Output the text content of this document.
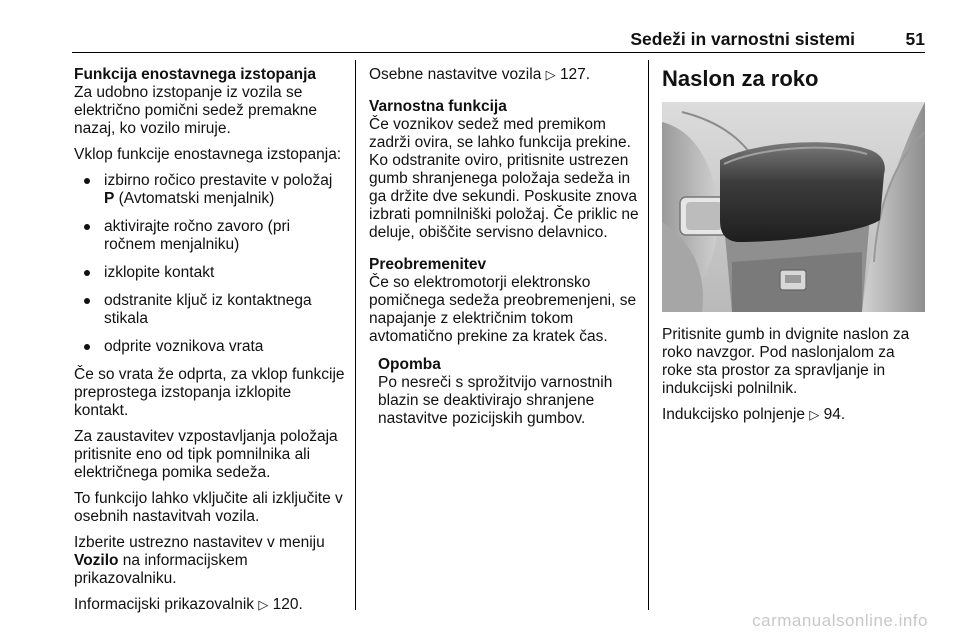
Sedeži in varnostni sistemi	51

Funkcija enostavnega izstopanja

Za udobno izstopanje iz vozila se električno pomični sedež premakne nazaj, ko vozilo miruje.

Vklop funkcije enostavnega izstopanja:

izbirno ročico prestavite v položaj P (Avtomatski menjalnik)
aktivirajte ročno zavoro (pri ročnem menjalniku)
izklopite kontakt
odstranite ključ iz kontaktnega stikala
odprite voznikova vrata

Če so vrata že odprta, za vklop funkcije preprostega izstopanja izklopite kontakt.

Za zaustavitev vzpostavljanja položaja pritisnite eno od tipk pomnilnika ali električnega pomika sedeža.

To funkcijo lahko vključite ali izključite v osebnih nastavitvah vozila.

Izberite ustrezno nastavitev v meniju Vozilo na informacijskem prikazovalniku.

Informacijski prikazovalnik ▷ 120.

Osebne nastavitve vozila ▷ 127.

Varnostna funkcija

Če voznikov sedež med premikom zadrži ovira, se lahko funkcija prekine. Ko odstranite oviro, pritisnite ustrezen gumb shranjenega položaja sedeža in ga držite dve sekundi. Poskusite znova izbrati pomnilniški položaj. Če priklic ne deluje, obiščite servisno delavnico.

Preobremenitev

Če so elektromotorji elektronsko pomičnega sedeža preobremenjeni, se napajanje z električnim tokom avtomatično prekine za kratek čas.

Opomba

Po nesreči s sprožitvijo varnostnih blazin se deaktivirajo shranjene nastavitve pozicijskih gumbov.

Naslon za roko

Pritisnite gumb in dvignite naslon za roko navzgor. Pod naslonjalom za roke sta prostor za spravljanje in indukcijski polnilnik.

Indukcijsko polnjenje ▷ 94.

carmanualsonline.info
